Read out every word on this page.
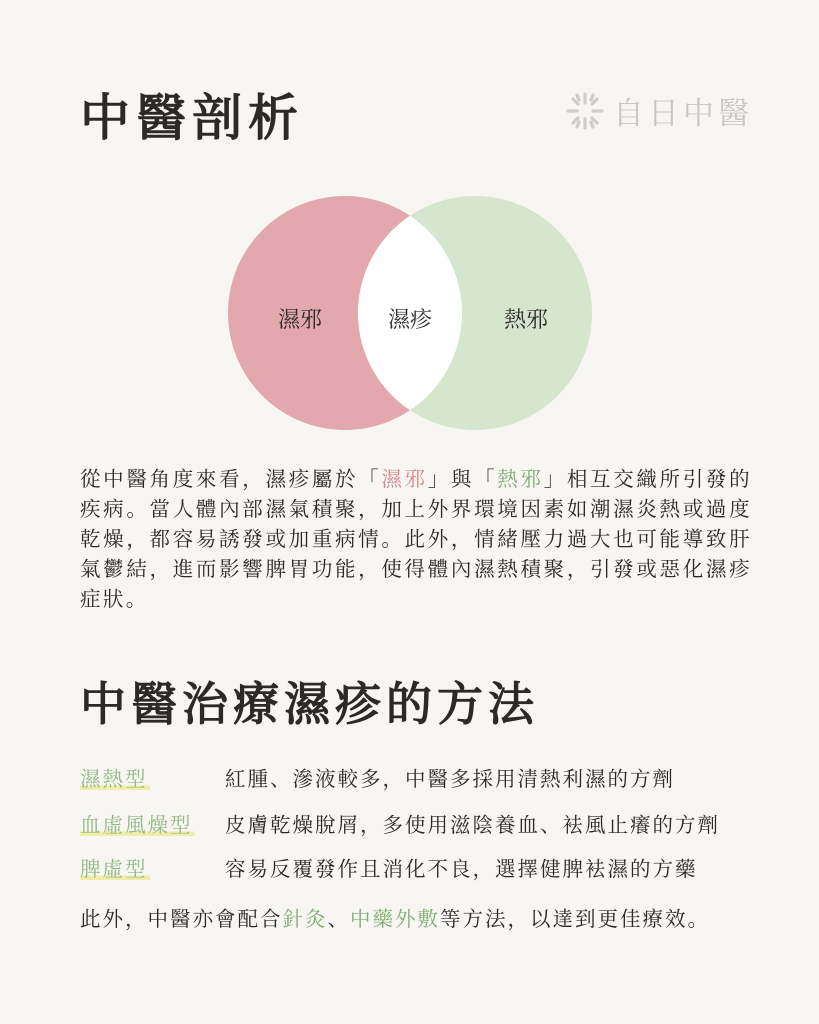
中醫剖析	自日中醫
濕邪	濕疹	熱邪

從中醫角度來看，濕疹屬於「濕邪」與「熱邪」相互交織所引發的疾病。當人體內部濕氣積聚，加上外界環境因素如潮濕炎熱或過度乾燥，都容易誘發或加重病情。此外，情緒壓力過大也可能導致肝氣鬱結，進而影響脾胃功能，使得體內濕熱積聚，引發或惡化濕疹症狀。

中醫治療濕疹的方法
濕熱型	紅腫、滲液較多，中醫多採用清熱利濕的方劑
血虛風燥型 皮膚乾燥脫屑，多使用滋陰養血、袪風止癢的方劑
脾虛型	容易反覆發作且消化不良，選擇健脾袪濕的方藥

此外，中醫亦會配合針灸、中藥外敷等方法，以達到更佳療效。
